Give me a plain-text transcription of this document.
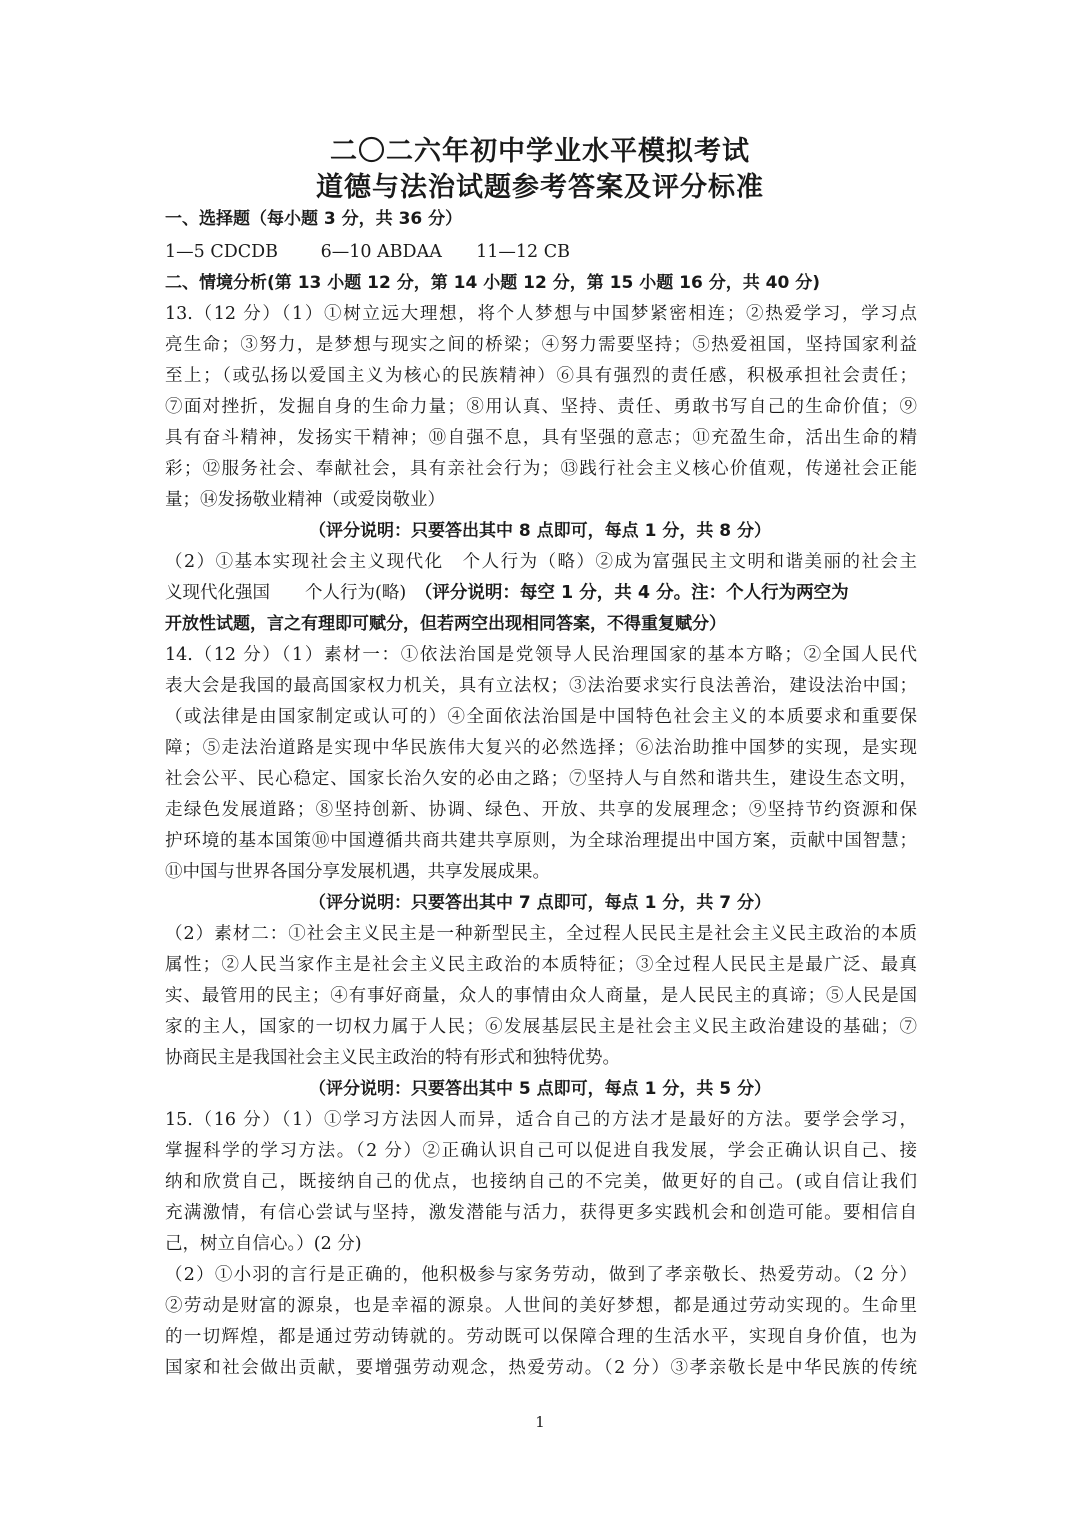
二〇二六年初中学业水平模拟考试
道德与法治试题参考答案及评分标准
一、选择题（每小题 3 分，共 36 分）
1—5 CDCDB 6—10 ABDAA 11—12 CB
二、情境分析(第 13 小题 12 分，第 14 小题 12 分，第 15 小题 16 分，共 40 分)
13.（12 分）（1）①树立远大理想，将个人梦想与中国梦紧密相连；②热爱学习，学习点
亮生命；③努力，是梦想与现实之间的桥梁；④努力需要坚持；⑤热爱祖国，坚持国家利益
至上；（或弘扬以爱国主义为核心的民族精神）⑥具有强烈的责任感，积极承担社会责任；
⑦面对挫折，发掘自身的生命力量；⑧用认真、坚持、责任、勇敢书写自己的生命价值；⑨
具有奋斗精神，发扬实干精神；⑩自强不息，具有坚强的意志；⑪充盈生命，活出生命的精
彩；⑫服务社会、奉献社会，具有亲社会行为；⑬践行社会主义核心价值观，传递社会正能
量；⑭发扬敬业精神（或爱岗敬业）
（评分说明：只要答出其中 8 点即可，每点 1 分，共 8 分）
（2）①基本实现社会主义现代化　个人行为（略）②成为富强民主文明和谐美丽的社会主
义现代化强国　　个人行为(略)　（评分说明：每空 1 分，共 4 分。注：个人行为两空为
开放性试题，言之有理即可赋分，但若两空出现相同答案，不得重复赋分）
14.（12 分）（1）素材一：①依法治国是党领导人民治理国家的基本方略；②全国人民代
表大会是我国的最高国家权力机关，具有立法权；③法治要求实行良法善治，建设法治中国；
（或法律是由国家制定或认可的）④全面依法治国是中国特色社会主义的本质要求和重要保
障；⑤走法治道路是实现中华民族伟大复兴的必然选择；⑥法治助推中国梦的实现，是实现
社会公平、民心稳定、国家长治久安的必由之路；⑦坚持人与自然和谐共生，建设生态文明，
走绿色发展道路；⑧坚持创新、协调、绿色、开放、共享的发展理念；⑨坚持节约资源和保
护环境的基本国策⑩中国遵循共商共建共享原则，为全球治理提出中国方案，贡献中国智慧；
⑪中国与世界各国分享发展机遇，共享发展成果。
（评分说明：只要答出其中 7 点即可，每点 1 分，共 7 分）
（2）素材二：①社会主义民主是一种新型民主，全过程人民民主是社会主义民主政治的本质
属性；②人民当家作主是社会主义民主政治的本质特征；③全过程人民民主是最广泛、最真
实、最管用的民主；④有事好商量，众人的事情由众人商量，是人民民主的真谛；⑤人民是国
家的主人，国家的一切权力属于人民；⑥发展基层民主是社会主义民主政治建设的基础；⑦
协商民主是我国社会主义民主政治的特有形式和独特优势。
（评分说明：只要答出其中 5 点即可，每点 1 分，共 5 分）
15.（16 分）（1）①学习方法因人而异，适合自己的方法才是最好的方法。要学会学习，
掌握科学的学习方法。（2 分）②正确认识自己可以促进自我发展，学会正确认识自己、接
纳和欣赏自己，既接纳自己的优点，也接纳自己的不完美，做更好的自己。(或自信让我们
充满激情，有信心尝试与坚持，激发潜能与活力，获得更多实践机会和创造可能。要相信自
己，树立自信心。）(2 分)
（2）①小羽的言行是正确的，他积极参与家务劳动，做到了孝亲敬长、热爱劳动。（2 分）
②劳动是财富的源泉，也是幸福的源泉。人世间的美好梦想，都是通过劳动实现的。生命里
的一切辉煌，都是通过劳动铸就的。劳动既可以保障合理的生活水平，实现自身价值，也为
国家和社会做出贡献，要增强劳动观念，热爱劳动。（2 分）③孝亲敬长是中华民族的传统
1
